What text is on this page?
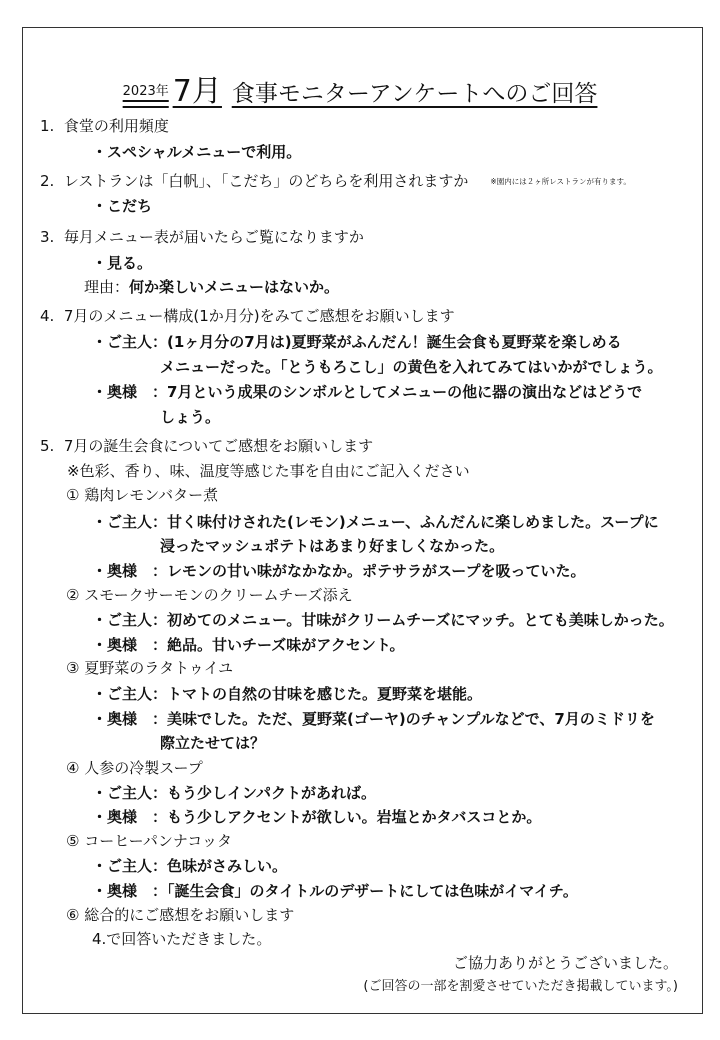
$^{2023年}$ 7月 食事モニターアンケートへのご回答
1. 食堂の利用頻度
・スペシャルメニューで利用。
2. レストランは「白帆」、「こだち」のどちらを利用されますか	※園内には２ヶ所レストランが有ります。
・こだち
3. 毎月メニュー表が届いたらご覧になりますか
・見る。
理由：何か楽しいメニューはないか。
4. 7月のメニュー構成(1か月分)をみてご感想をお願いします
・ご主人：(1ヶ月分の7月は)夏野菜がふんだん！誕生会食も夏野菜を楽しめる
メニューだった。「とうもろこし」の黄色を入れてみてはいかがでしょう。
・奥様　：7月という成果のシンボルとしてメニューの他に器の演出などはどうで
しょう。
5. 7月の誕生会食についてご感想をお願いします
※色彩、香り、味、温度等感じた事を自由にご記入ください
① 鶏肉レモンバター煮
・ご主人：甘く味付けされた(レモン)メニュー、ふんだんに楽しめました。スープに
浸ったマッシュポテトはあまり好ましくなかった。
・奥様　：レモンの甘い味がなかなか。ポテサラがスープを吸っていた。
② スモークサーモンのクリームチーズ添え
・ご主人：初めてのメニュー。甘味がクリームチーズにマッチ。とても美味しかった。
・奥様　：絶品。甘いチーズ味がアクセント。
③ 夏野菜のラタトゥイユ
・ご主人：トマトの自然の甘味を感じた。夏野菜を堪能。
・奥様　：美味でした。ただ、夏野菜(ゴーヤ)のチャンプルなどで、7月のミドリを
際立たせては？
④ 人参の冷製スープ
・ご主人：もう少しインパクトがあれば。
・奥様　：もう少しアクセントが欲しい。岩塩とかタバスコとか。
⑤ コーヒーパンナコッタ
・ご主人：色味がさみしい。
・奥様　：「誕生会食」のタイトルのデザートにしては色味がイマイチ。
⑥ 総合的にご感想をお願いします
4.で回答いただきました。
ご協力ありがとうございました。
(ご回答の一部を割愛させていただき掲載しています。)
